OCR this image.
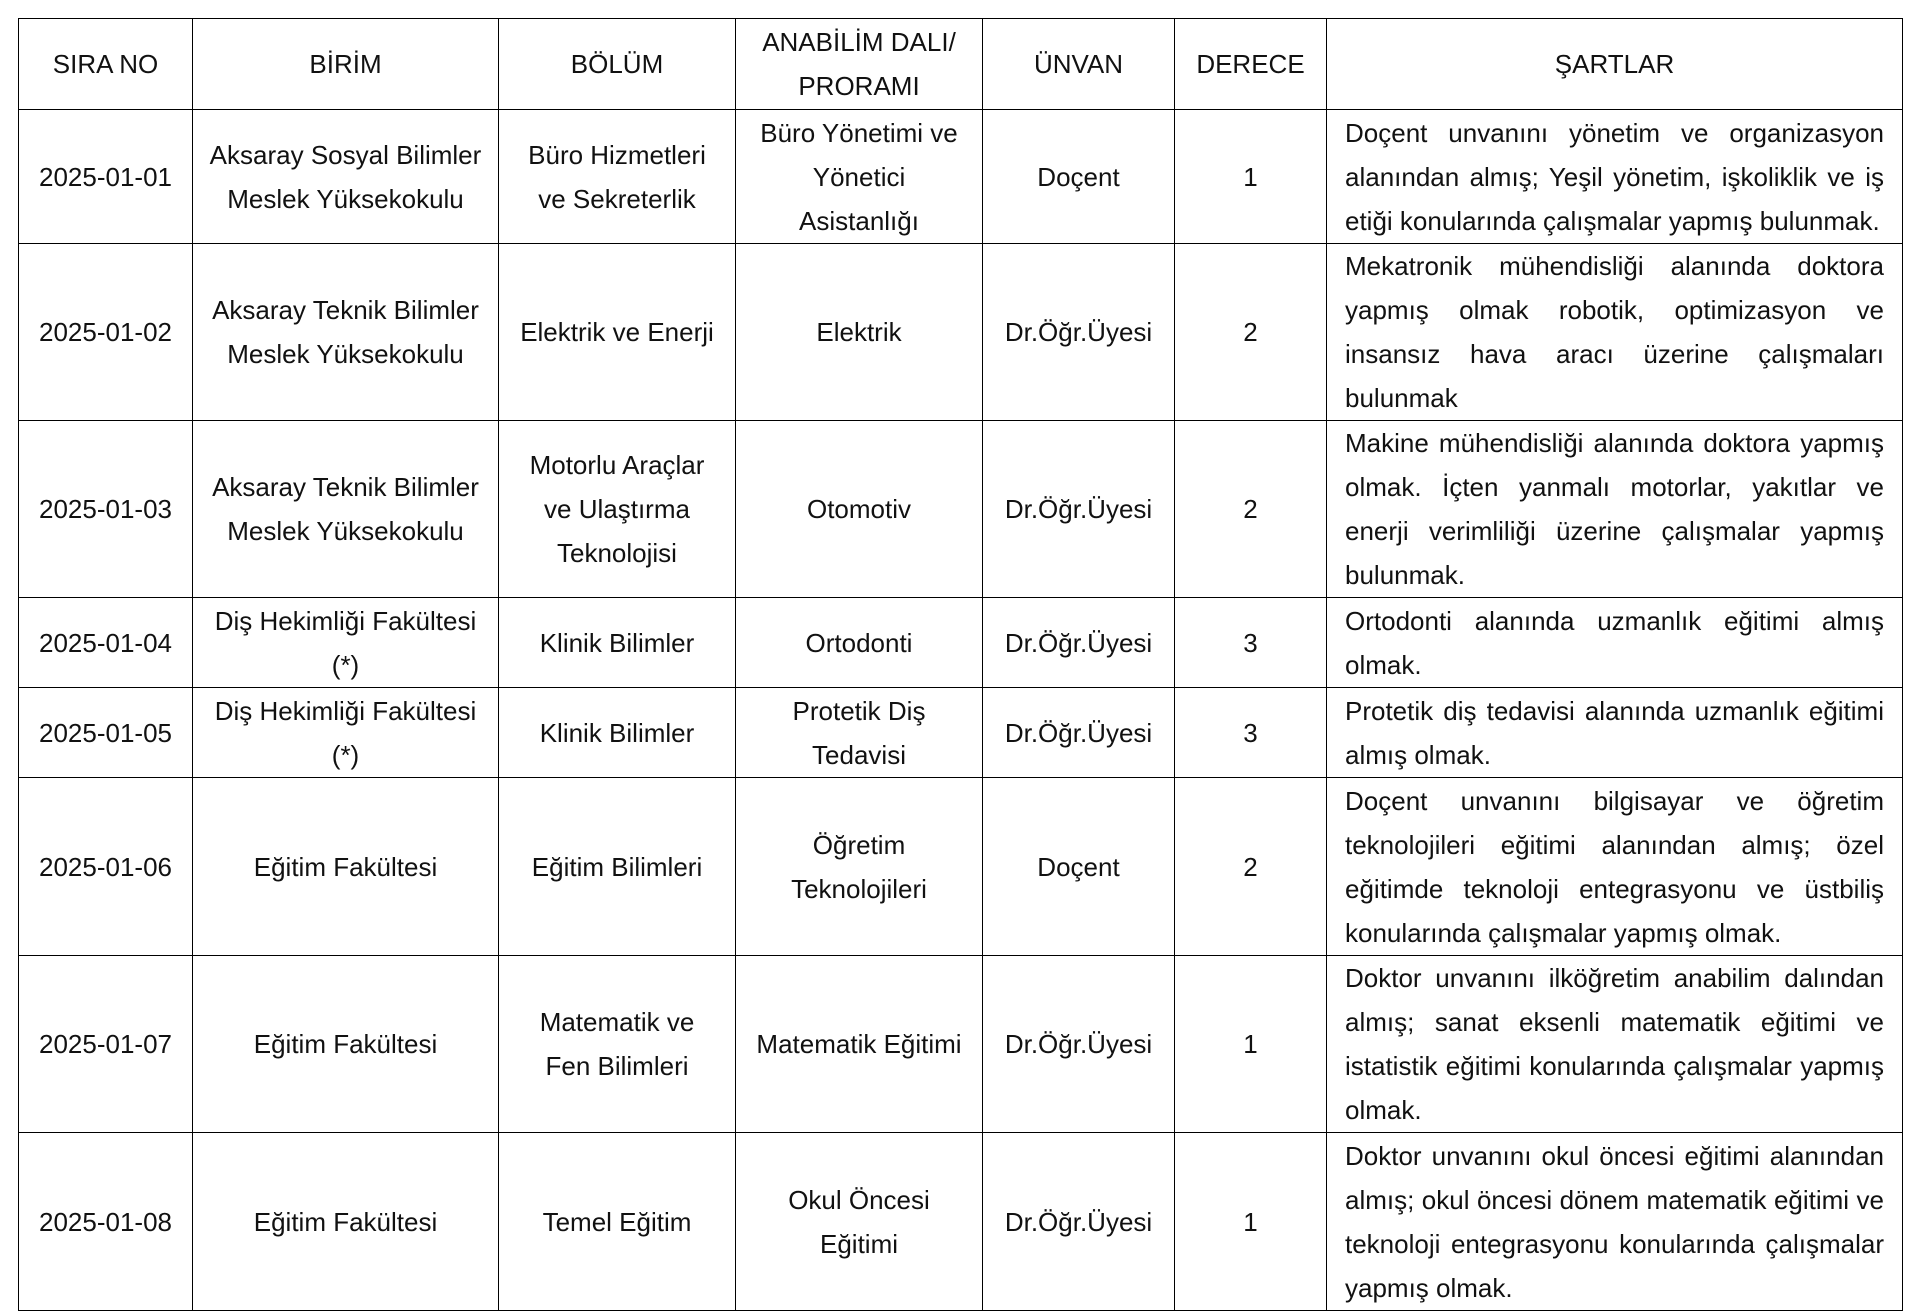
SIRA NO	BİRİM	BÖLÜM	ANABİLİM DALI/ PRORAMI	ÜNVAN	DERECE	ŞARTLAR
2025-01-01	Aksaray Sosyal Bilimler Meslek Yüksekokulu	Büro Hizmetleri ve Sekreterlik	Büro Yönetimi ve Yönetici Asistanlığı	Doçent	1	Doçent unvanını yönetim ve organizasyon alanından almış; Yeşil yönetim, işkoliklik ve iş etiği konularında çalışmalar yapmış bulunmak.
2025-01-02	Aksaray Teknik Bilimler Meslek Yüksekokulu	Elektrik ve Enerji	Elektrik	Dr.Öğr.Üyesi	2	Mekatronik mühendisliği alanında doktora yapmış olmak robotik, optimizasyon ve insansız hava aracı üzerine çalışmaları bulunmak
2025-01-03	Aksaray Teknik Bilimler Meslek Yüksekokulu	Motorlu Araçlar ve Ulaştırma Teknolojisi	Otomotiv	Dr.Öğr.Üyesi	2	Makine mühendisliği alanında doktora yapmış olmak. İçten yanmalı motorlar, yakıtlar ve enerji verimliliği üzerine çalışmalar yapmış bulunmak.
2025-01-04	Diş Hekimliği Fakültesi (*)	Klinik Bilimler	Ortodonti	Dr.Öğr.Üyesi	3	Ortodonti alanında uzmanlık eğitimi almış olmak.
2025-01-05	Diş Hekimliği Fakültesi (*)	Klinik Bilimler	Protetik Diş Tedavisi	Dr.Öğr.Üyesi	3	Protetik diş tedavisi alanında uzmanlık eğitimi almış olmak.
2025-01-06	Eğitim Fakültesi	Eğitim Bilimleri	Öğretim Teknolojileri	Doçent	2	Doçent unvanını bilgisayar ve öğretim teknolojileri eğitimi alanından almış; özel eğitimde teknoloji entegrasyonu ve üstbiliş konularında çalışmalar yapmış olmak.
2025-01-07	Eğitim Fakültesi	Matematik ve Fen Bilimleri	Matematik Eğitimi	Dr.Öğr.Üyesi	1	Doktor unvanını ilköğretim anabilim dalından almış; sanat eksenli matematik eğitimi ve istatistik eğitimi konularında çalışmalar yapmış olmak.
2025-01-08	Eğitim Fakültesi	Temel Eğitim	Okul Öncesi Eğitimi	Dr.Öğr.Üyesi	1	Doktor unvanını okul öncesi eğitimi alanından almış; okul öncesi dönem matematik eğitimi ve teknoloji entegrasyonu konularında çalışmalar yapmış olmak.
